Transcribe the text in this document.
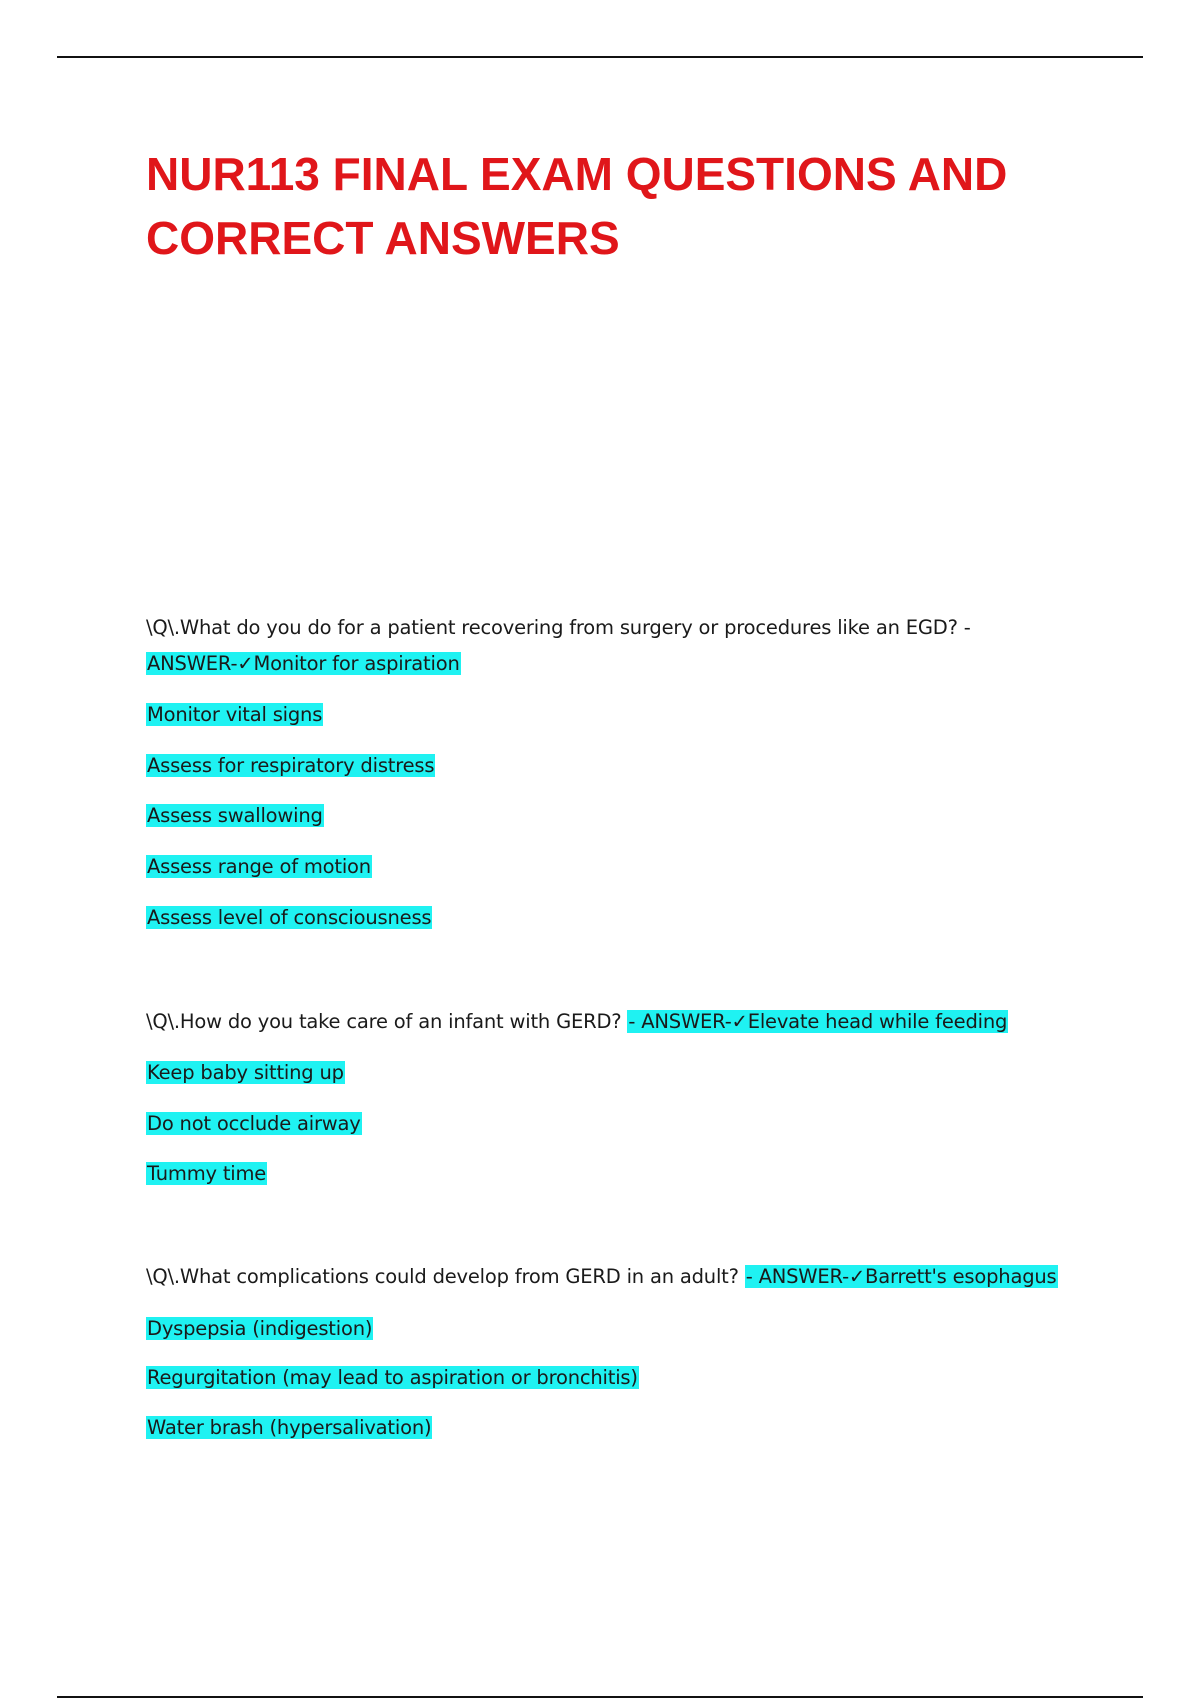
NUR113 FINAL EXAM QUESTIONS AND CORRECT ANSWERS
\Q\.What do you do for a patient recovering from surgery or procedures like an EGD? -
ANSWER-✓Monitor for aspiration
Monitor vital signs
Assess for respiratory distress
Assess swallowing
Assess range of motion
Assess level of consciousness
\Q\.How do you take care of an infant with GERD? - ANSWER-✓Elevate head while feeding
Keep baby sitting up
Do not occlude airway
Tummy time
\Q\.What complications could develop from GERD in an adult? - ANSWER-✓Barrett's esophagus
Dyspepsia (indigestion)
Regurgitation (may lead to aspiration or bronchitis)
Water brash (hypersalivation)
